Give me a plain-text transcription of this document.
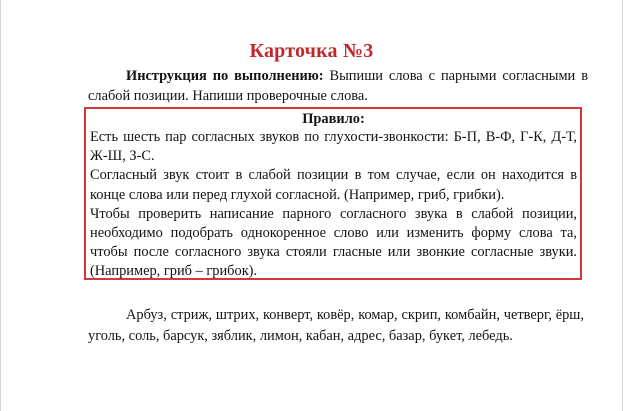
Карточка №3
Инструкция по выполнению: Выпиши слова с парными согласными в слабой позиции. Напиши проверочные слова.
Правило:

Есть шесть пар согласных звуков по глухости-звонкости: Б-П, В-Ф, Г-К, Д-Т, Ж-Ш, З-С.

Согласный звук стоит в слабой позиции в том случае, если он находится в конце слова или перед глухой согласной. (Например, гриб, грибки).

Чтобы проверить написание парного согласного звука в слабой позиции, необходимо подобрать однокоренное слово или изменить форму слова та, чтобы после согласного звука стояли гласные или звонкие согласные звуки. (Например, гриб – грибок).

Арбуз, стриж, штрих, конверт, ковёр, комар, скрип, комбайн, четверг, ёрш, уголь, соль, барсук, зяблик, лимон, кабан, адрес, базар, букет, лебедь.
